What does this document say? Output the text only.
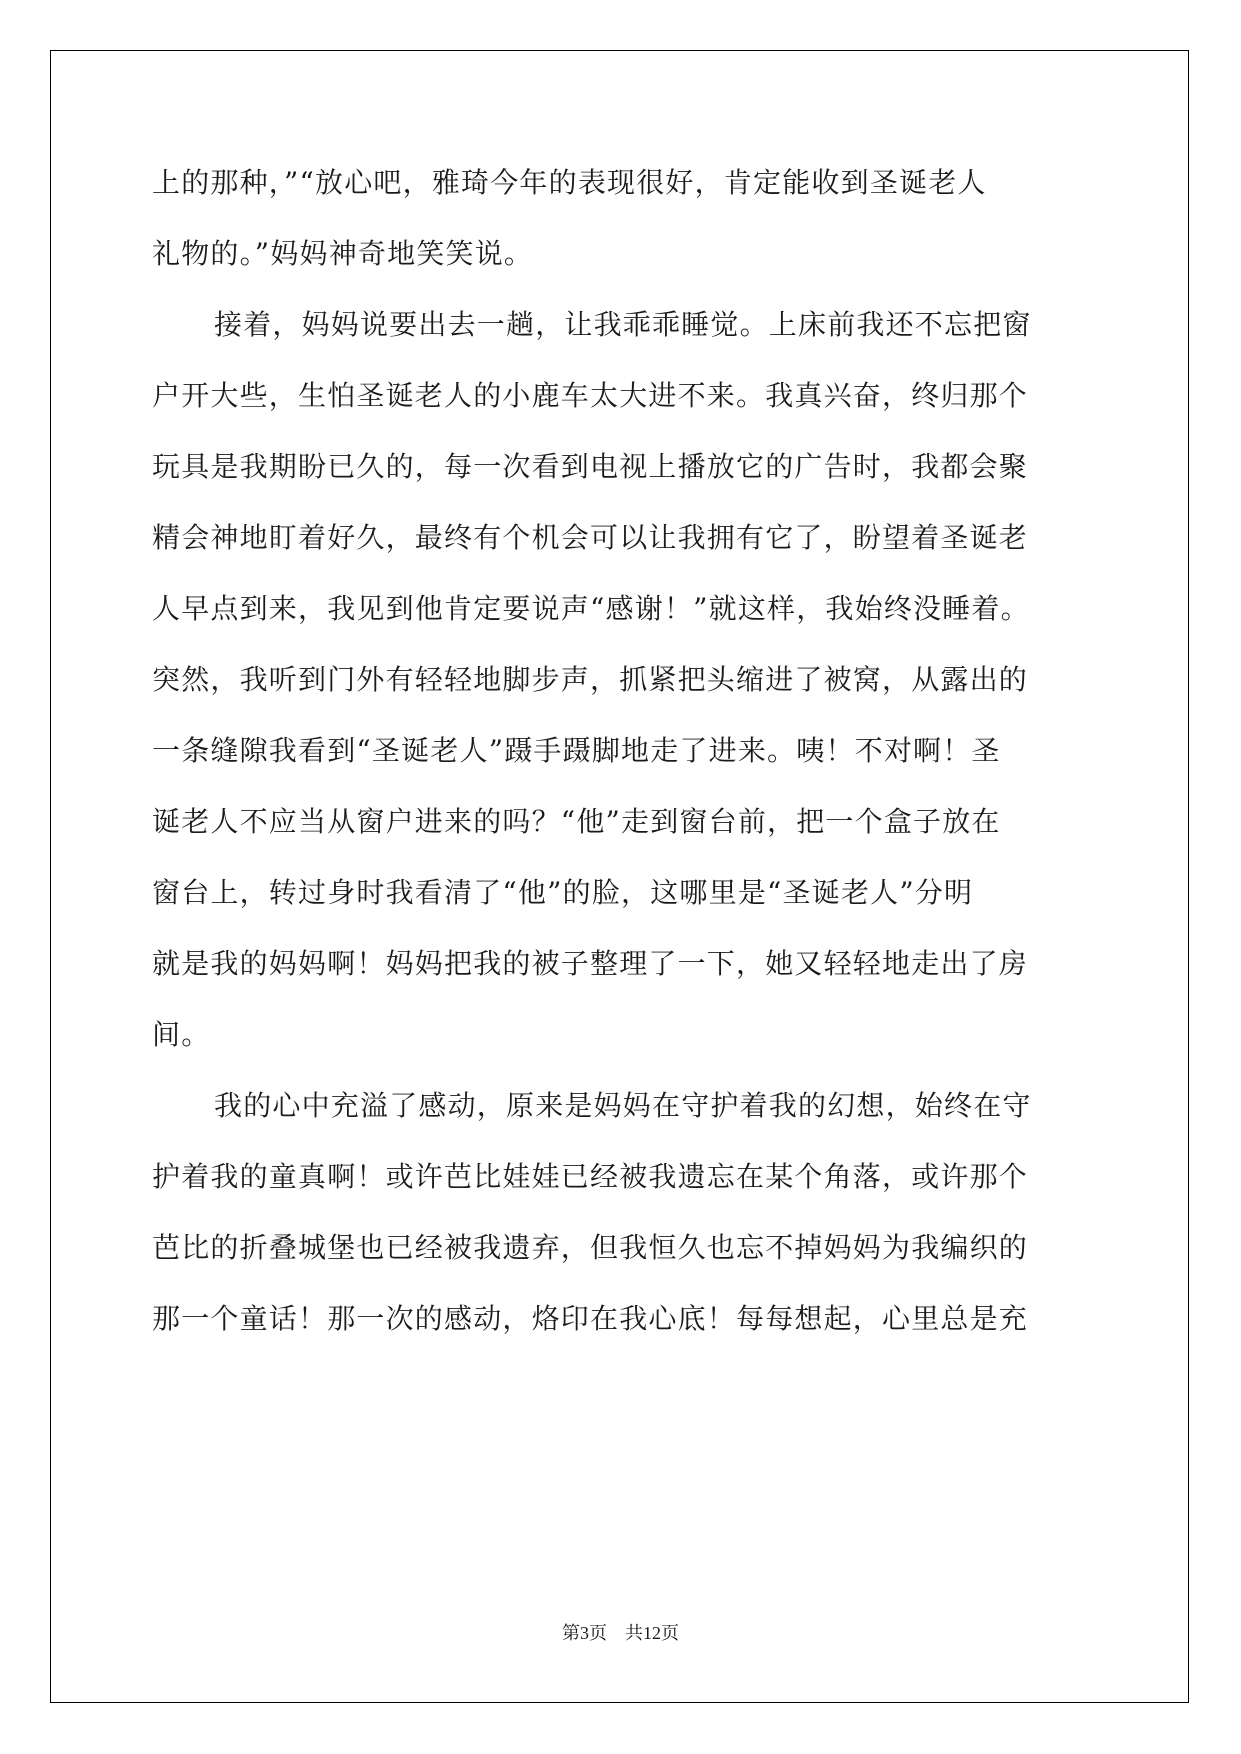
上的那种，”“放心吧，雅琦今年的表现很好，肯定能收到圣诞老人
礼物的。”妈妈神奇地笑笑说。
接着，妈妈说要出去一趟，让我乖乖睡觉。上床前我还不忘把窗
户开大些，生怕圣诞老人的小鹿车太大进不来。我真兴奋，终归那个
玩具是我期盼已久的，每一次看到电视上播放它的广告时，我都会聚
精会神地盯着好久，最终有个机会可以让我拥有它了，盼望着圣诞老
人早点到来，我见到他肯定要说声“感谢！”就这样，我始终没睡着。
突然，我听到门外有轻轻地脚步声，抓紧把头缩进了被窝，从露出的
一条缝隙我看到“圣诞老人”蹑手蹑脚地走了进来。咦！不对啊！圣
诞老人不应当从窗户进来的吗？“他”走到窗台前，把一个盒子放在
窗台上，转过身时我看清了“他”的脸，这哪里是“圣诞老人”分明
就是我的妈妈啊！妈妈把我的被子整理了一下，她又轻轻地走出了房
间。
我的心中充溢了感动，原来是妈妈在守护着我的幻想，始终在守
护着我的童真啊！或许芭比娃娃已经被我遗忘在某个角落，或许那个
芭比的折叠城堡也已经被我遗弃，但我恒久也忘不掉妈妈为我编织的
那一个童话！那一次的感动，烙印在我心底！每每想起，心里总是充
第3页　共12页
